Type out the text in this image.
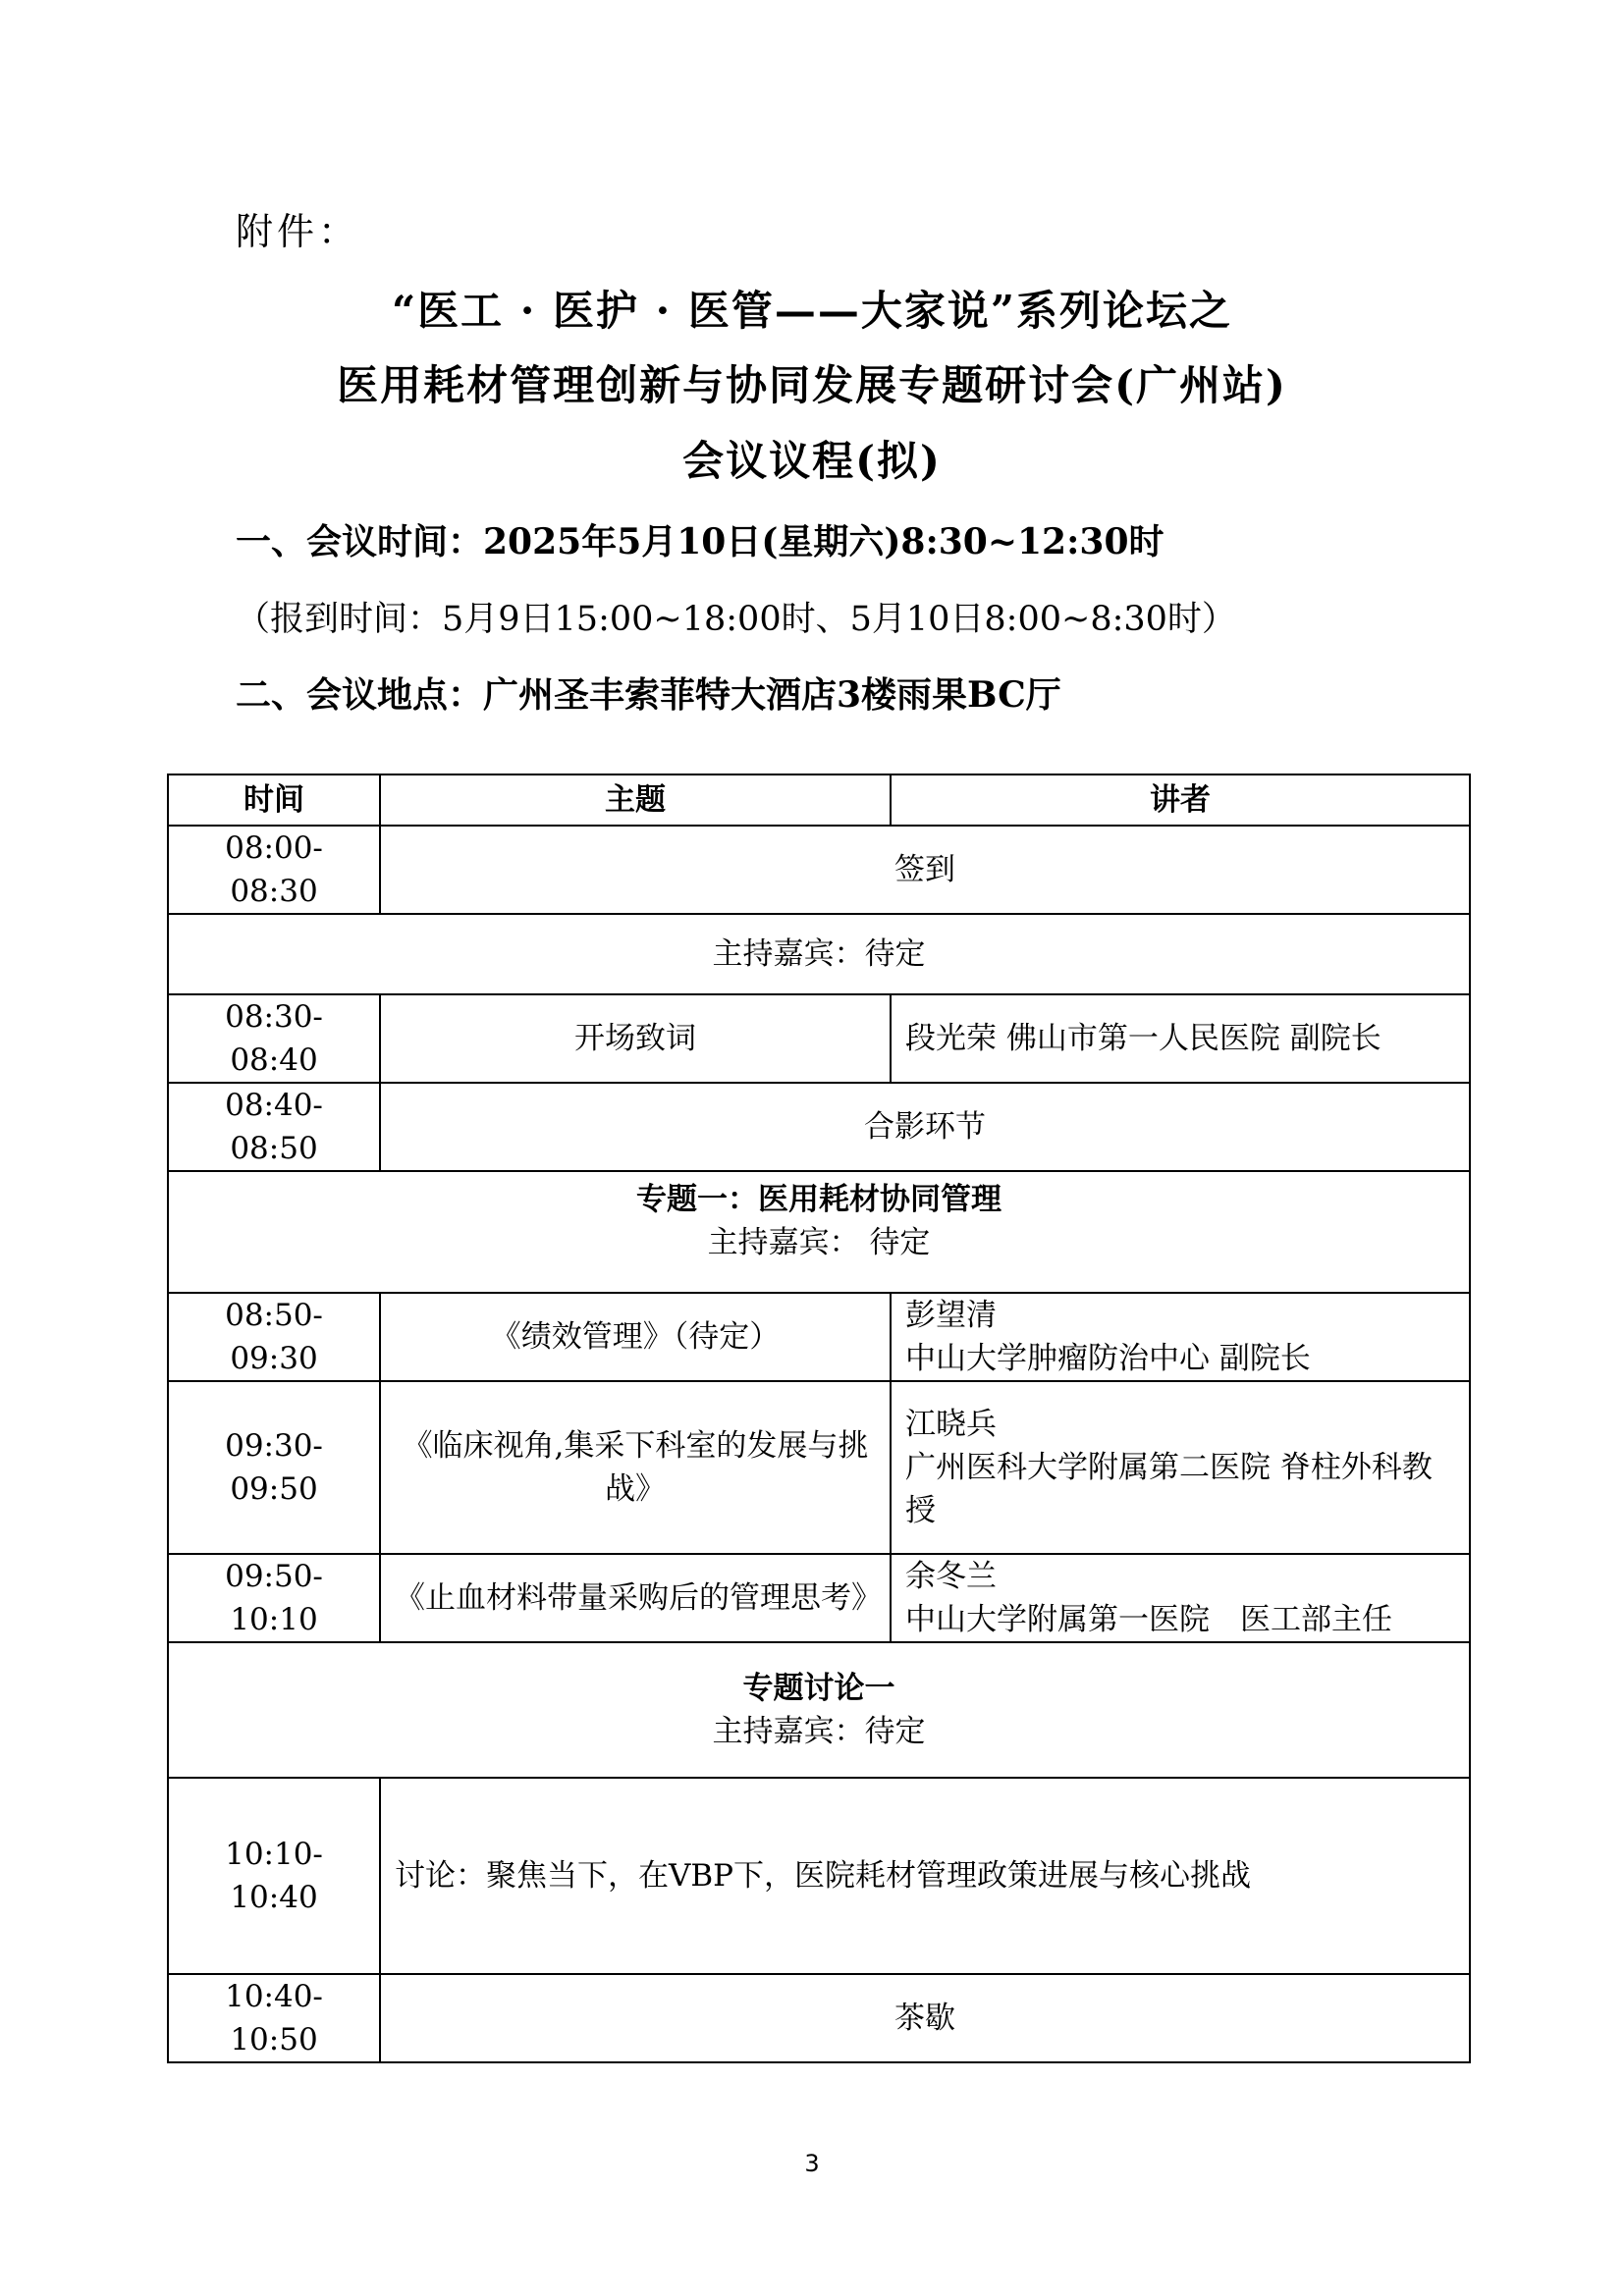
附件：
“医工 · 医护 · 医管——大家说”系列论坛之
医用耗材管理创新与协同发展专题研讨会(广州站)
会议议程(拟)
一、会议时间：2025年5月10日(星期六)8:30~12:30时
（报到时间：5月9日15:00~18:00时、5月10日8:00~8:30时）
二、会议地点：广州圣丰索菲特大酒店3楼雨果BC厅
时间	主题	讲者
08:00-08:30	签到	
主持嘉宾：待定		
08:30-08:40	开场致词	段光荣 佛山市第一人民医院 副院长
08:40-08:50	合影环节	

专题一：医用耗材协同管理
主持嘉宾： 待定		

08:50-09:30	《绩效管理》（待定）	彭望清
中山大学肿瘤防治中心 副院长

09:30-09:50	《临床视角,集采下科室的发展与挑战》	江晓兵
广州医科大学附属第二医院 脊柱外科教授

09:50-10:10	《止血材料带量采购后的管理思考》	余冬兰
中山大学附属第一医院　医工部主任

专题讨论一
主持嘉宾：待定		

10:10-10:40	讨论：聚焦当下，在VBP下，医院耗材管理政策进展与核心挑战	
10:40-10:50	茶歇	
3
